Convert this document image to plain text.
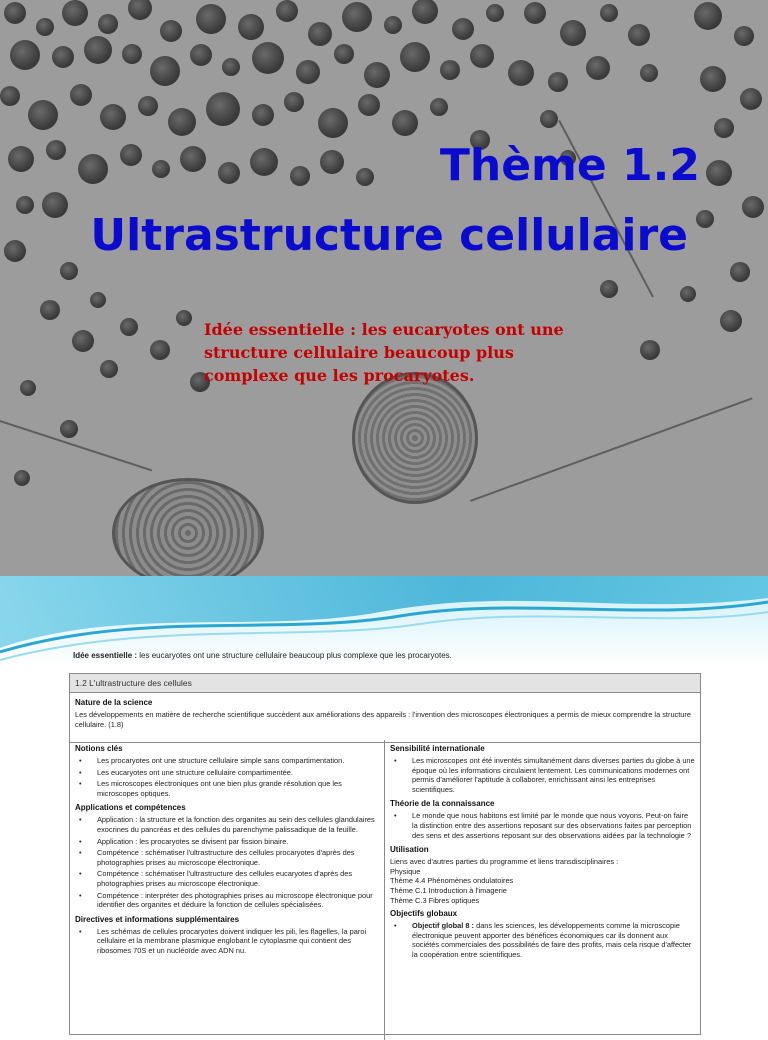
Thème 1.2
Ultrastructure cellulaire

Idée essentielle : les eucaryotes ont une structure cellulaire beaucoup plus complexe que les procaryotes.

Idée essentielle : les eucaryotes ont une structure cellulaire beaucoup plus complexe que les procaryotes.
1.2 L'ultrastructure des cellules
Nature de la science

Les développements en matière de recherche scientifique succèdent aux améliorations des appareils : l'invention des microscopes électroniques a permis de mieux comprendre la structure cellulaire. (1.8)

Notions clés
• Les procaryotes ont une structure cellulaire simple sans compartimentation.
• Les eucaryotes ont une structure cellulaire compartimentée.
• Les microscopes électroniques ont une bien plus grande résolution que les microscopes optiques.
Applications et compétences
• Application : la structure et la fonction des organites au sein des cellules glandulaires exocrines du pancréas et des cellules du parenchyme palissadique de la feuille.
• Application : les procaryotes se divisent par fission binaire.
• Compétence : schématiser l'ultrastructure des cellules procaryotes d'après des photographies prises au microscope électronique.
• Compétence : schématiser l'ultrastructure des cellules eucaryotes d'après des photographies prises au microscope électronique.
• Compétence : interpréter des photographies prises au microscope électronique pour identifier des organites et déduire la fonction de cellules spécialisées.
Directives et informations supplémentaires
• Les schémas de cellules procaryotes doivent indiquer les pili, les flagelles, la paroi cellulaire et la membrane plasmique englobant le cytoplasme qui contient des ribosomes 70S et un nucléoïde avec ADN nu.
Sensibilité internationale
• Les microscopes ont été inventés simultanément dans diverses parties du globe à une époque où les informations circulaient lentement. Les communications modernes ont permis d'améliorer l'aptitude à collaborer, enrichissant ainsi les entreprises scientifiques.
Théorie de la connaissance
• Le monde que nous habitons est limité par le monde que nous voyons. Peut-on faire la distinction entre des assertions reposant sur des observations faites par perception des sens et des assertions reposant sur des observations aidées par la technologie ?
Utilisation

Liens avec d'autres parties du programme et liens transdisciplinaires :

Physique

Thème 4.4 Phénomènes ondulatoires

Thème C.1 Introduction à l'imagerie

Thème C.3 Fibres optiques

Objectifs globaux
• Objectif global 8 : dans les sciences, les développements comme la microscopie électronique peuvent apporter des bénéfices économiques car ils donnent aux sociétés commerciales des possibilités de faire des profits, mais cela risque d'affecter la coopération entre scientifiques.
